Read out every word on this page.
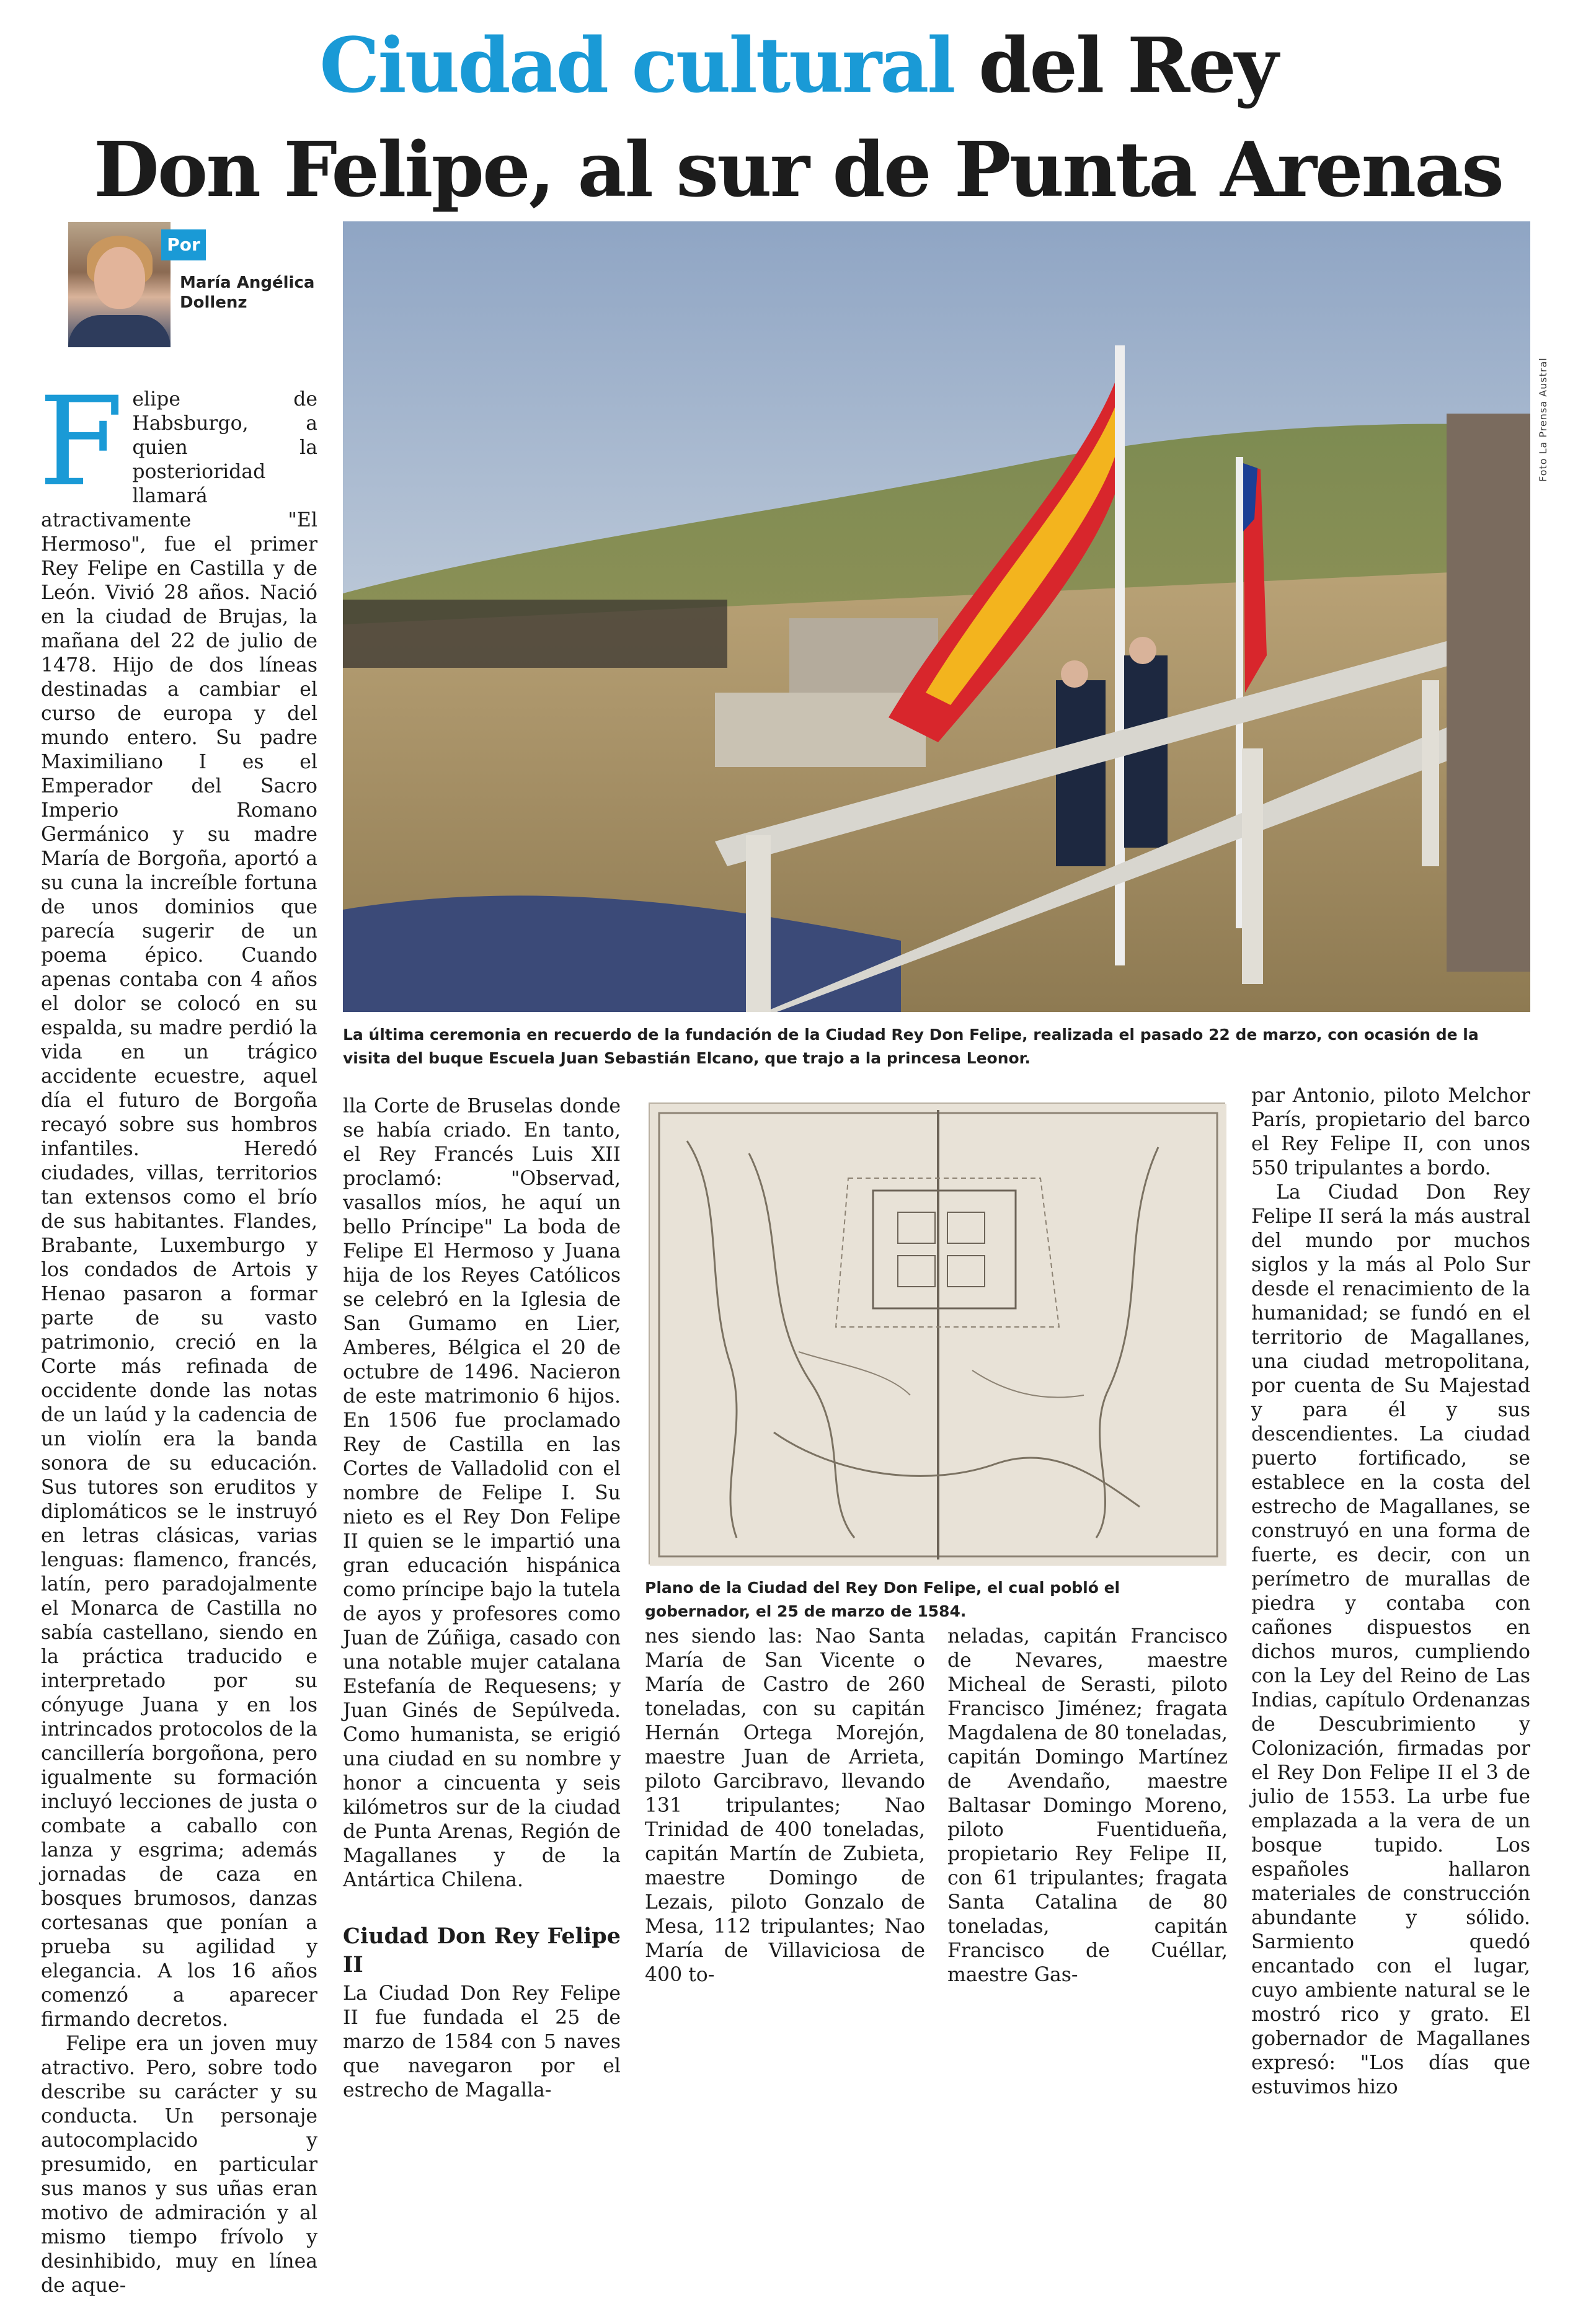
Ciudad cultural del Rey
Don Felipe, al sur de Punta Arenas
Por
María Angélica Dollenz

Felipe de Habsburgo, a quien la posterioridad llamará atractivamente "El Hermoso", fue el primer Rey Felipe en Castilla y de León. Vivió 28 años. Nació en la ciudad de Brujas, la mañana del 22 de julio de 1478. Hijo de dos líneas destinadas a cambiar el curso de europa y del mundo entero. Su padre Maximiliano I es el Emperador del Sacro Imperio Romano Germánico y su madre María de Borgoña, aportó a su cuna la increíble fortuna de unos dominios que parecía sugerir de un poema épico. Cuando apenas contaba con 4 años el dolor se colocó en su espalda, su madre perdió la vida en un trágico accidente ecuestre, aquel día el futuro de Borgoña recayó sobre sus hombros infantiles. Heredó ciudades, villas, territorios tan extensos como el brío de sus habitantes. Flandes, Brabante, Luxemburgo y los condados de Artois y Henao pasaron a formar parte de su vasto patrimonio, creció en la Corte más refinada de occidente donde las notas de un laúd y la cadencia de un violín era la banda sonora de su educación. Sus tutores son eruditos y diplomáticos se le instruyó en letras clásicas, varias lenguas: flamenco, francés, latín, pero paradojalmente el Monarca de Castilla no sabía castellano, siendo en la práctica traducido e interpretado por su cónyuge Juana y en los intrincados protocolos de la cancillería borgoñona, pero igualmente su formación incluyó lecciones de justa o combate a caballo con lanza y esgrima; además jornadas de caza en bosques brumosos, danzas cortesanas que ponían a prueba su agilidad y elegancia. A los 16 años comenzó a aparecer firmando decretos.

Felipe era un joven muy atractivo. Pero, sobre todo describe su carácter y su conducta. Un personaje autocomplacido y presumido, en particular sus manos y sus uñas eran motivo de admiración y al mismo tiempo frívolo y desinhibido, muy en línea de aque-

Foto La Prensa Austral
La última ceremonia en recuerdo de la fundación de la Ciudad Rey Don Felipe, realizada el pasado 22 de marzo, con ocasión de la visita del buque Escuela Juan Sebastián Elcano, que trajo a la princesa Leonor.

lla Corte de Bruselas donde se había criado. En tanto, el Rey Francés Luis XII proclamó: "Observad, vasallos míos, he aquí un bello Príncipe" La boda de Felipe El Hermoso y Juana hija de los Reyes Católicos se celebró en la Iglesia de San Gumamo en Lier, Amberes, Bélgica el 20 de octubre de 1496. Nacieron de este matrimonio 6 hijos. En 1506 fue proclamado Rey de Castilla en las Cortes de Valladolid con el nombre de Felipe I. Su nieto es el Rey Don Felipe II quien se le impartió una gran educación hispánica como príncipe bajo la tutela de ayos y profesores como Juan de Zúñiga, casado con una notable mujer catalana Estefanía de Requesens; y Juan Ginés de Sepúlveda. Como humanista, se erigió una ciudad en su nombre y honor a cincuenta y seis kilómetros sur de la ciudad de Punta Arenas, Región de Magallanes y de la Antártica Chilena.

Ciudad Don Rey Felipe II

La Ciudad Don Rey Felipe II fue fundada el 25 de marzo de 1584 con 5 naves que navegaron por el estrecho de Magalla-

Plano de la Ciudad del Rey Don Felipe, el cual pobló el gobernador, el 25 de marzo de 1584.

nes siendo las: Nao Santa María de San Vicente o María de Castro de 260 toneladas, con su capitán Hernán Ortega Morejón, maestre Juan de Arrieta, piloto Garcibravo, llevando 131 tripulantes; Nao Trinidad de 400 toneladas, capitán Martín de Zubieta, maestre Domingo de Lezais, piloto Gonzalo de Mesa, 112 tripulantes; Nao María de Villaviciosa de 400 to-

neladas, capitán Francisco de Nevares, maestre Micheal de Serasti, piloto Francisco Jiménez; fragata Magdalena de 80 toneladas, capitán Domingo Martínez de Avendaño, maestre Baltasar Domingo Moreno, piloto Fuentidueña, propietario Rey Felipe II, con 61 tripulantes; fragata Santa Catalina de 80 toneladas, capitán Francisco de Cuéllar, maestre Gas-

par Antonio, piloto Melchor París, propietario del barco el Rey Felipe II, con unos 550 tripulantes a bordo.

La Ciudad Don Rey Felipe II será la más austral del mundo por muchos siglos y la más al Polo Sur desde el renacimiento de la humanidad; se fundó en el territorio de Magallanes, una ciudad metropolitana, por cuenta de Su Majestad y para él y sus descendientes. La ciudad puerto fortificado, se establece en la costa del estrecho de Magallanes, se construyó en una forma de fuerte, es decir, con un perímetro de murallas de piedra y contaba con cañones dispuestos en dichos muros, cumpliendo con la Ley del Reino de Las Indias, capítulo Ordenanzas de Descubrimiento y Colonización, firmadas por el Rey Don Felipe II el 3 de julio de 1553. La urbe fue emplazada a la vera de un bosque tupido. Los españoles hallaron materiales de construcción abundante y sólido. Sarmiento quedó encantado con el lugar, cuyo ambiente natural se le mostró rico y grato. El gobernador de Magallanes expresó: "Los días que estuvimos hizo
